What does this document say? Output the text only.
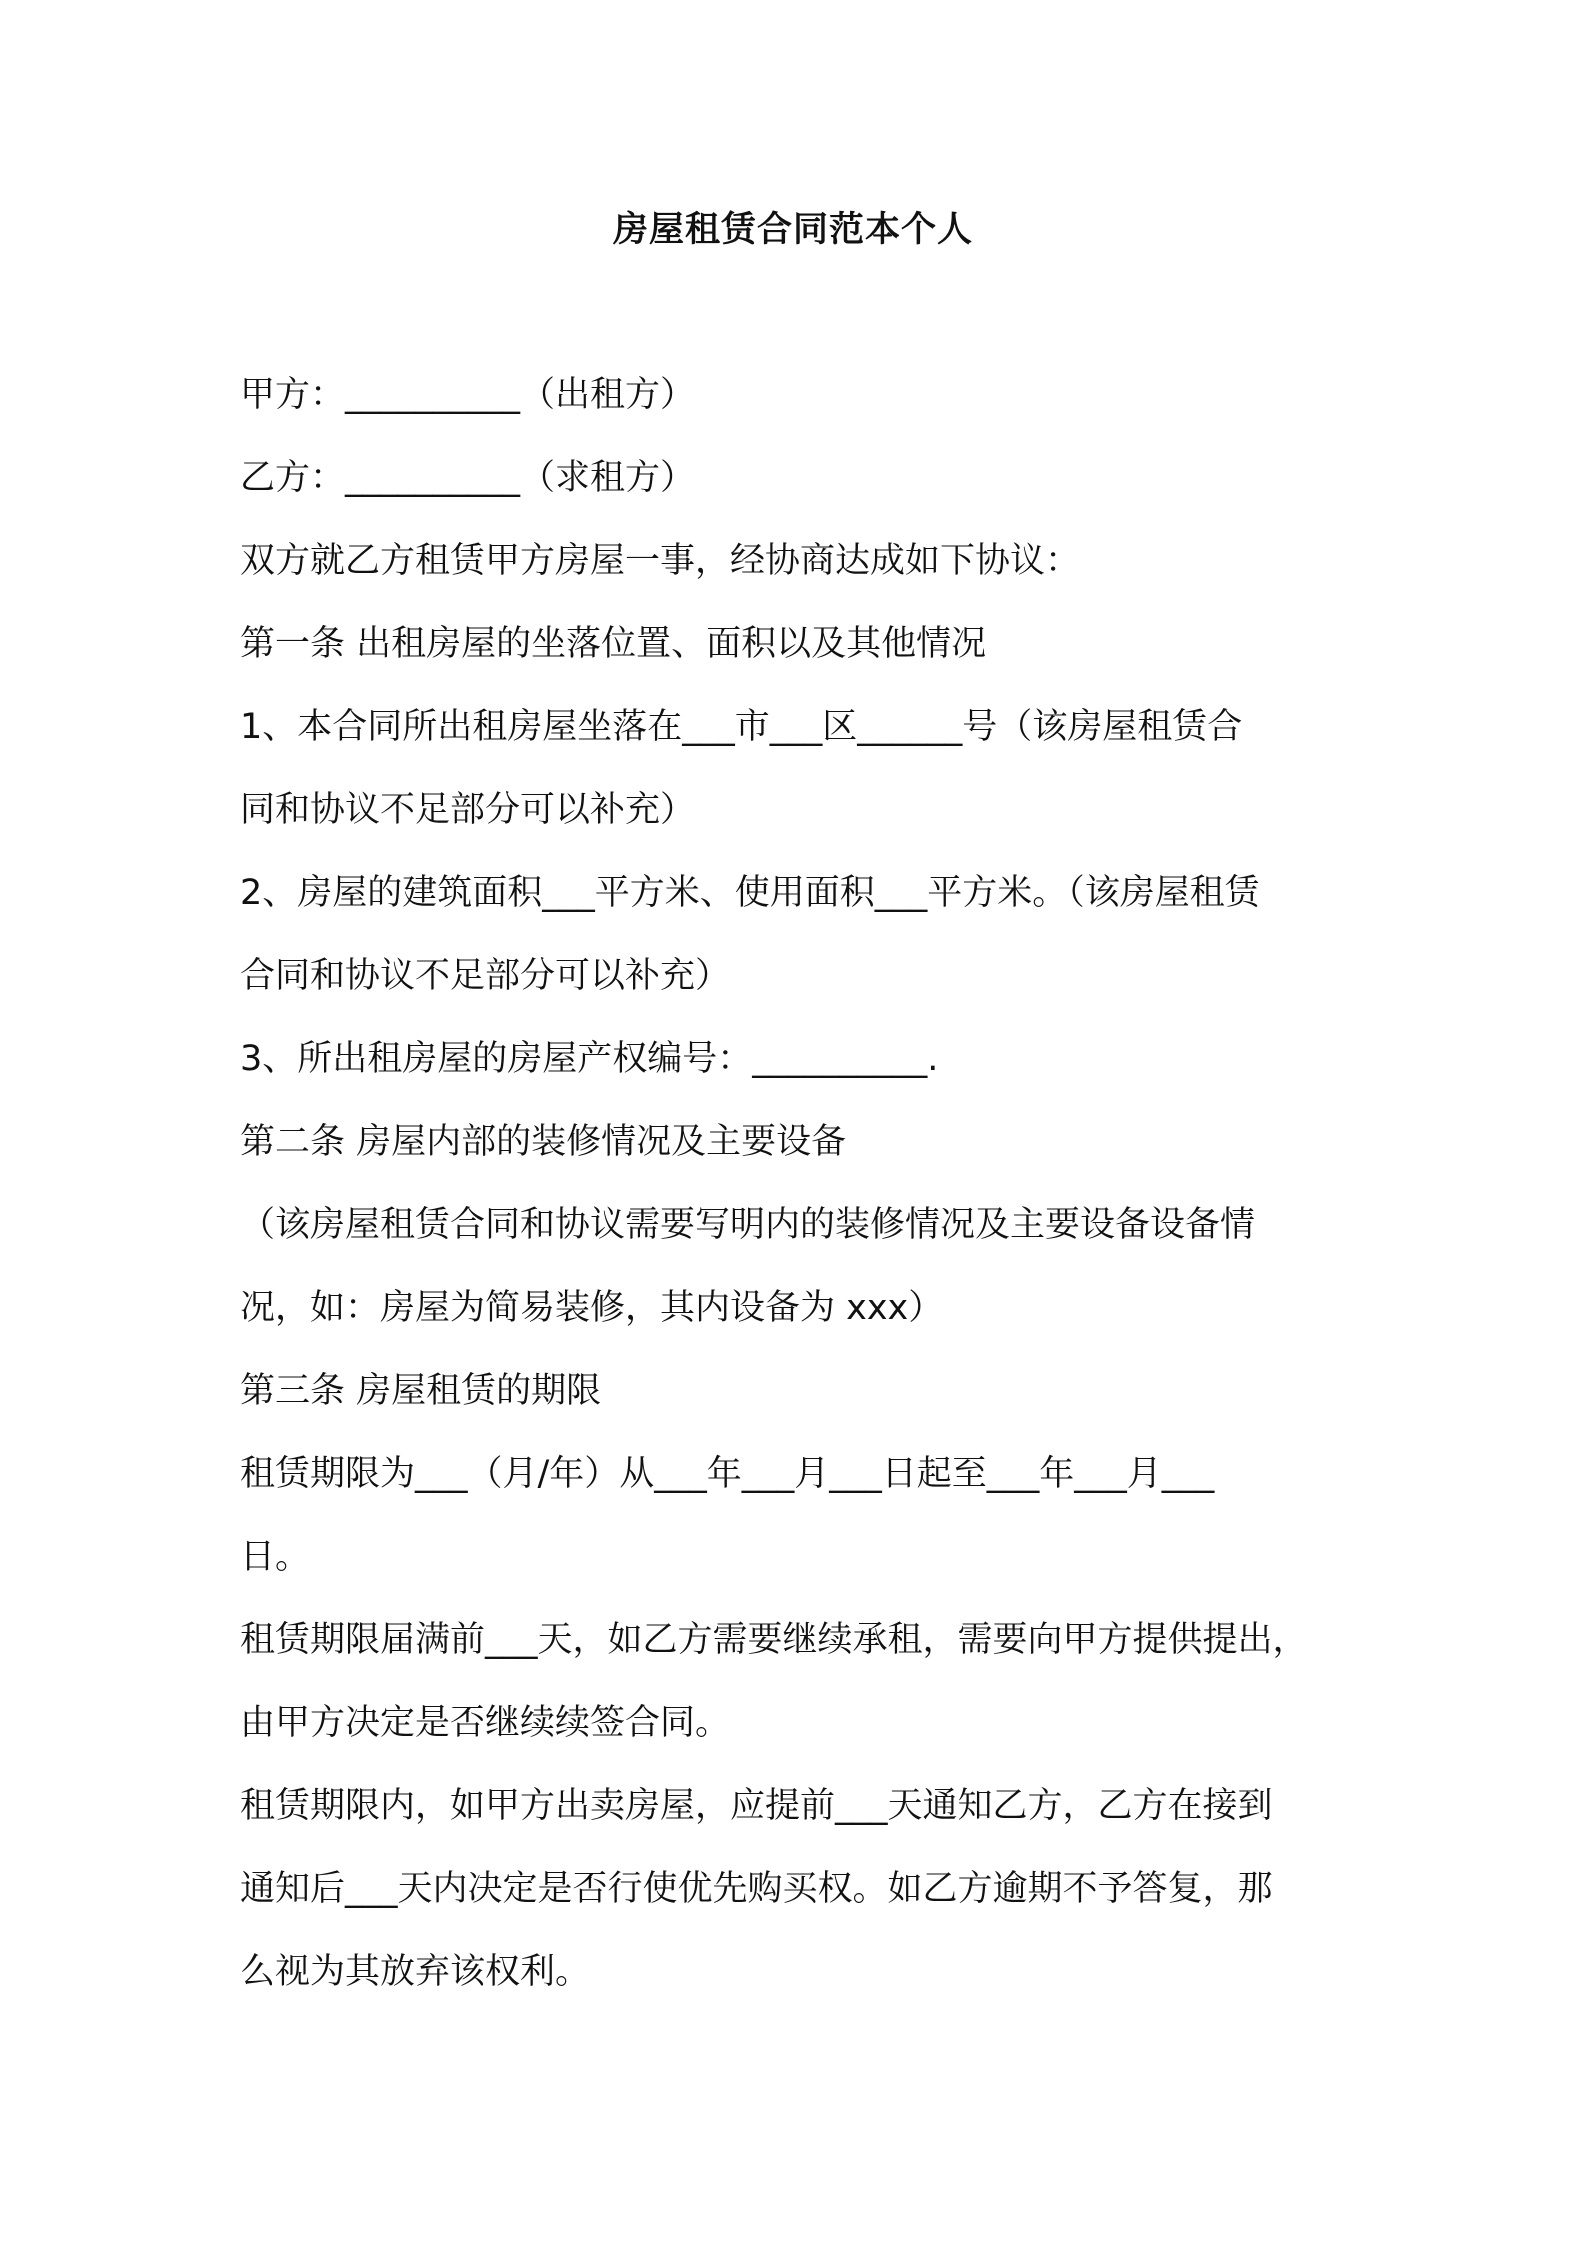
房屋租赁合同范本个人
甲方：__________（出租方）
乙方：__________（求租方）
双方就乙方租赁甲方房屋一事，经协商达成如下协议：
第一条 出租房屋的坐落位置、面积以及其他情况
1、本合同所出租房屋坐落在___市___区______号（该房屋租赁合
同和协议不足部分可以补充）
2、房屋的建筑面积___平方米、使用面积___平方米。（该房屋租赁
合同和协议不足部分可以补充）
3、所出租房屋的房屋产权编号：__________.
第二条 房屋内部的装修情况及主要设备
（该房屋租赁合同和协议需要写明内的装修情况及主要设备设备情
况，如：房屋为简易装修，其内设备为 xxx）
第三条 房屋租赁的期限
租赁期限为___（月/年）从___年___月___日起至___年___月___
日。
租赁期限届满前___天，如乙方需要继续承租，需要向甲方提供提出，
由甲方决定是否继续续签合同。
租赁期限内，如甲方出卖房屋，应提前___天通知乙方，乙方在接到
通知后___天内决定是否行使优先购买权。如乙方逾期不予答复，那
么视为其放弃该权利。
